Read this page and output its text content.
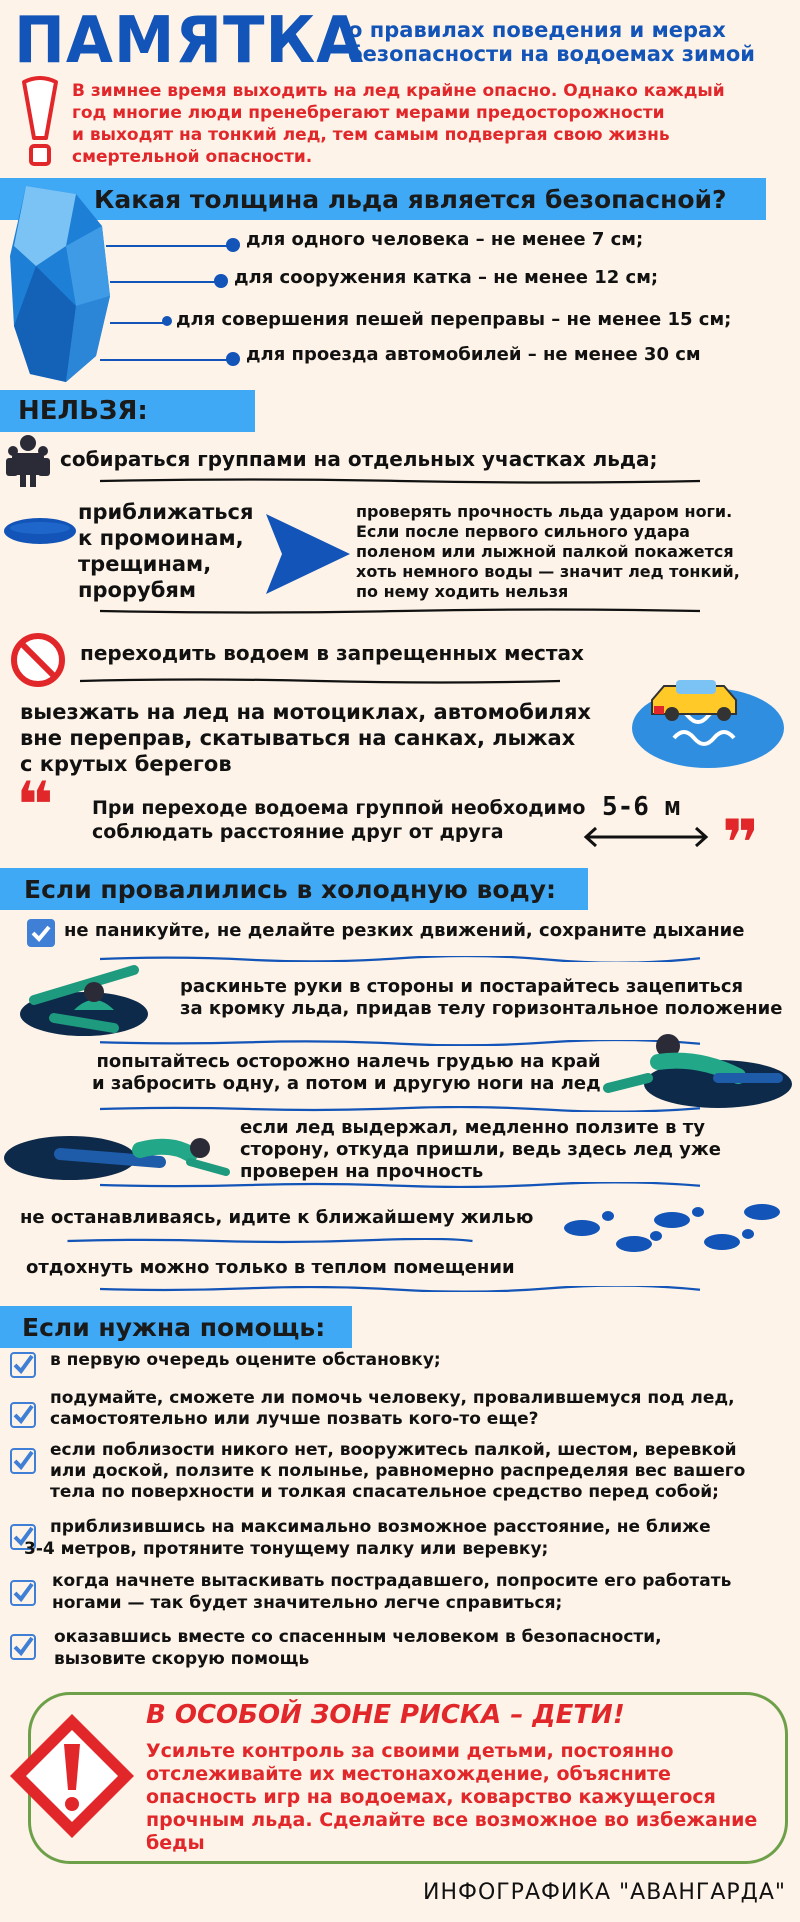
ПАМЯТКА
о правилах поведения и мерах
безопасности на водоемах зимой
В зимнее время выходить на лед крайне опасно. Однако каждый
год многие люди пренебрегают мерами предосторожности
и выходят на тонкий лед, тем самым подвергая свою жизнь
смертельной опасности.
Какая толщина льда является безопасной?
для одного человека – не менее 7 см;
для сооружения катка – не менее 12 см;
для совершения пешей переправы – не менее 15 см;
для проезда автомобилей – не менее 30 см
НЕЛЬЗЯ:
собираться группами на отдельных участках льда;
приближаться
к промоинам,
трещинам,
прорубям
проверять прочность льда ударом ноги.
Если после первого сильного удара
поленом или лыжной палкой покажется
хоть немного воды — значит лед тонкий,
по нему ходить нельзя
переходить водоем в запрещенных местах
выезжать на лед на мотоциклах, автомобилях
вне переправ, скатываться на санках, лыжах
с крутых берегов
❝ При переходе водоема группой необходимо
соблюдать расстояние друг от друга
5-6 м ❞
Если провалились в холодную воду:
не паникуйте, не делайте резких движений, сохраните дыхание
раскиньте руки в стороны и постарайтесь зацепиться
за кромку льда, придав телу горизонтальное положение
попытайтесь осторожно налечь грудью на край
и забросить одну, а потом и другую ноги на лед
если лед выдержал, медленно ползите в ту
сторону, откуда пришли, ведь здесь лед уже
проверен на прочность
не останавливаясь, идите к ближайшему жилью
отдохнуть можно только в теплом помещении
Если нужна помощь:
в первую очередь оцените обстановку;
подумайте, сможете ли помочь человеку, провалившемуся под лед,
самостоятельно или лучше позвать кого-то еще?
если поблизости никого нет, вооружитесь палкой, шестом, веревкой
или доской, ползите к полынье, равномерно распределяя вес вашего
тела по поверхности и толкая спасательное средство перед собой;
приблизившись на максимально возможное расстояние, не ближе
3-4 метров, протяните тонущему палку или веревку;
когда начнете вытаскивать пострадавшего, попросите его работать
ногами — так будет значительно легче справиться;
оказавшись вместе со спасенным человеком в безопасности,
вызовите скорую помощь
В ОСОБОЙ ЗОНЕ РИСКА – ДЕТИ!
Усильте контроль за своими детьми, постоянно
отслеживайте их местонахождение, объясните
опасность игр на водоемах, коварство кажущегося
прочным льда. Сделайте все возможное во избежание
беды
ИНФОГРАФИКА "АВАНГАРДА"
